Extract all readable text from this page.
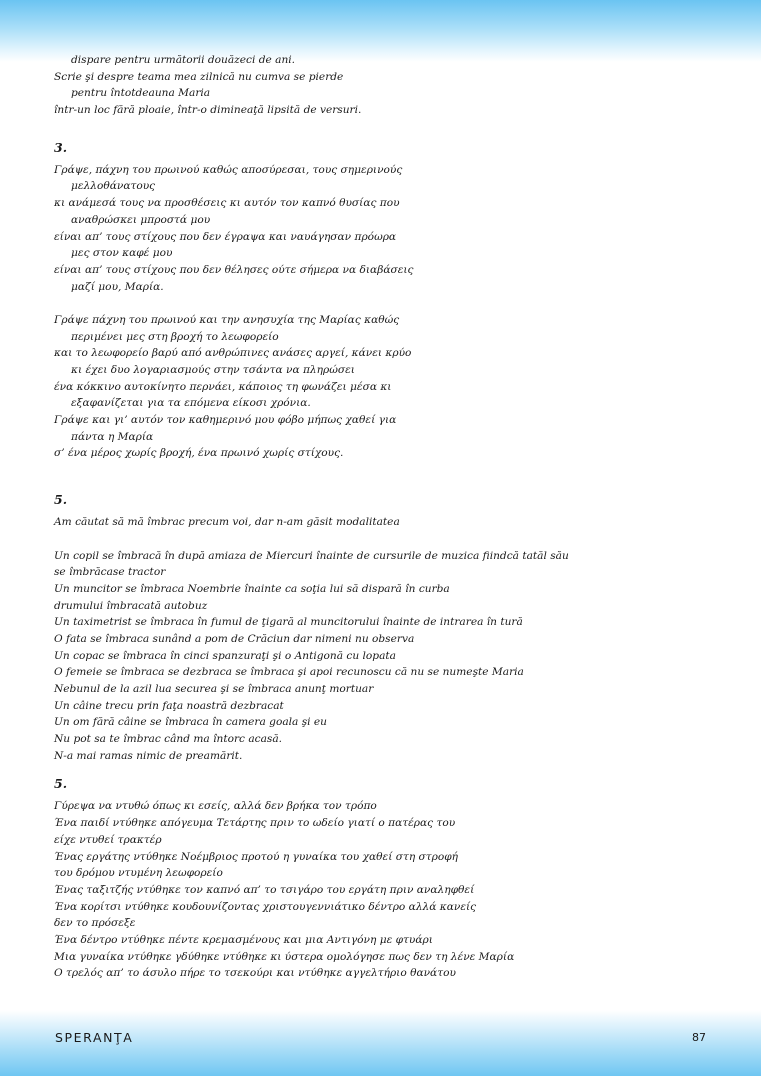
dispare pentru următorii douăzeci de ani.
Scrie şi despre teama mea zilnică nu cumva se pierde
pentru întotdeauna Maria
într-un loc fără ploaie, într-o dimineaţă lipsită de versuri.
3.
Γράψε, πάχνη του πρωινού καθώς αποσύρεσαι, τους σημερινούς
μελλοθάνατους
κι ανάμεσά τους να προσθέσεις κι αυτόν τον καπνό θυσίας που
αναθρώσκει μπροστά μου
είναι απ’ τους στίχους που δεν έγραψα και ναυάγησαν πρόωρα
μες στον καφέ μου
είναι απ’ τους στίχους που δεν θέλησες ούτε σήμερα να διαβάσεις
μαζί μου, Μαρία.
Γράψε πάχνη του πρωινού και την ανησυχία της Μαρίας καθώς
περιμένει μες στη βροχή το λεωφορείο
και το λεωφορείο βαρύ από ανθρώπινες ανάσες αργεί, κάνει κρύο
κι έχει δυο λογαριασμούς στην τσάντα να πληρώσει
ένα κόκκινο αυτοκίνητο περνάει, κάποιος τη φωνάζει μέσα κι
εξαφανίζεται για τα επόμενα είκοσι χρόνια.
Γράψε και γι’ αυτόν τον καθημερινό μου φόβο μήπως χαθεί για
πάντα η Μαρία
σ’ ένα μέρος χωρίς βροχή, ένα πρωινό χωρίς στίχους.
5.
Am căutat să mă îmbrac precum voi, dar n-am găsit modalitatea
Un copil se îmbracă în după amiaza de Miercuri înainte de cursurile de muzica fiindcă tatăl său
se îmbrăcase tractor
Un muncitor se îmbraca Noembrie înainte ca soţia lui să dispară în curba
drumului îmbracată autobuz
Un taximetrist se îmbraca în fumul de ţigară al muncitorului înainte de intrarea în tură
O fata se îmbraca sunând a pom de Crăciun dar nimeni nu observa
Un copac se îmbraca în cinci spanzuraţi şi o Antigonă cu lopata
O femeie se îmbraca se dezbraca se îmbraca şi apoi recunoscu că nu se numeşte Maria
Nebunul de la azil lua securea şi se îmbraca anunţ mortuar
Un câine trecu prin faţa noastră dezbracat
Un om fără câine se îmbraca în camera goala şi eu
Nu pot sa te îmbrac când ma întorc acasă.
N-a mai ramas nimic de preamărit.
5.
Γύρεψα να ντυθώ όπως κι εσείς, αλλά δεν βρήκα τον τρόπο
Ένα παιδί ντύθηκε απόγευμα Τετάρτης πριν το ωδείο γιατί ο πατέρας του
είχε ντυθεί τρακτέρ
Ένας εργάτης ντύθηκε Νοέμβριος προτού η γυναίκα του χαθεί στη στροφή
του δρόμου ντυμένη λεωφορείο
Ένας ταξιτζής ντύθηκε τον καπνό απ’ το τσιγάρο του εργάτη πριν αναληφθεί
Ένα κορίτσι ντύθηκε κουδουνίζοντας χριστουγεννιάτικο δέντρο αλλά κανείς
δεν το πρόσεξε
Ένα δέντρο ντύθηκε πέντε κρεμασμένους και μια Αντιγόνη με φτυάρι
Μια γυναίκα ντύθηκε γδύθηκε ντύθηκε κι ύστερα ομολόγησε πως δεν τη λένε Μαρία
Ο τρελός απ’ το άσυλο πήρε το τσεκούρι και ντύθηκε αγγελτήριο θανάτου
SPERANŢA	87
